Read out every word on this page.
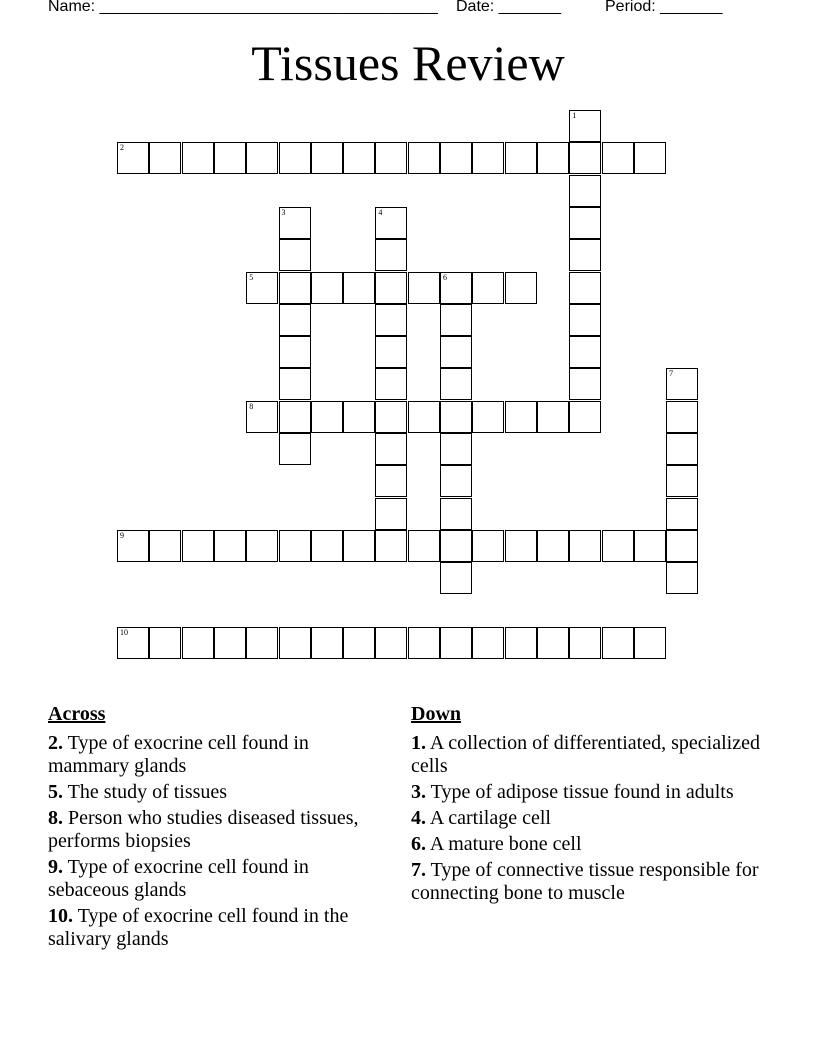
Name: ______________________________________ Date: _______	Period: _______
Tissues Review
1
2
3	4
5	6
7
8
9
10
Across
2. Type of exocrine cell found in mammary glands
5. The study of tissues
8. Person who studies diseased tissues, performs biopsies
9. Type of exocrine cell found in sebaceous glands
10. Type of exocrine cell found in the salivary glands
Down
1. A collection of differentiated, specialized cells
3. Type of adipose tissue found in adults
4. A cartilage cell
6. A mature bone cell
7. Type of connective tissue responsible for connecting bone to muscle
